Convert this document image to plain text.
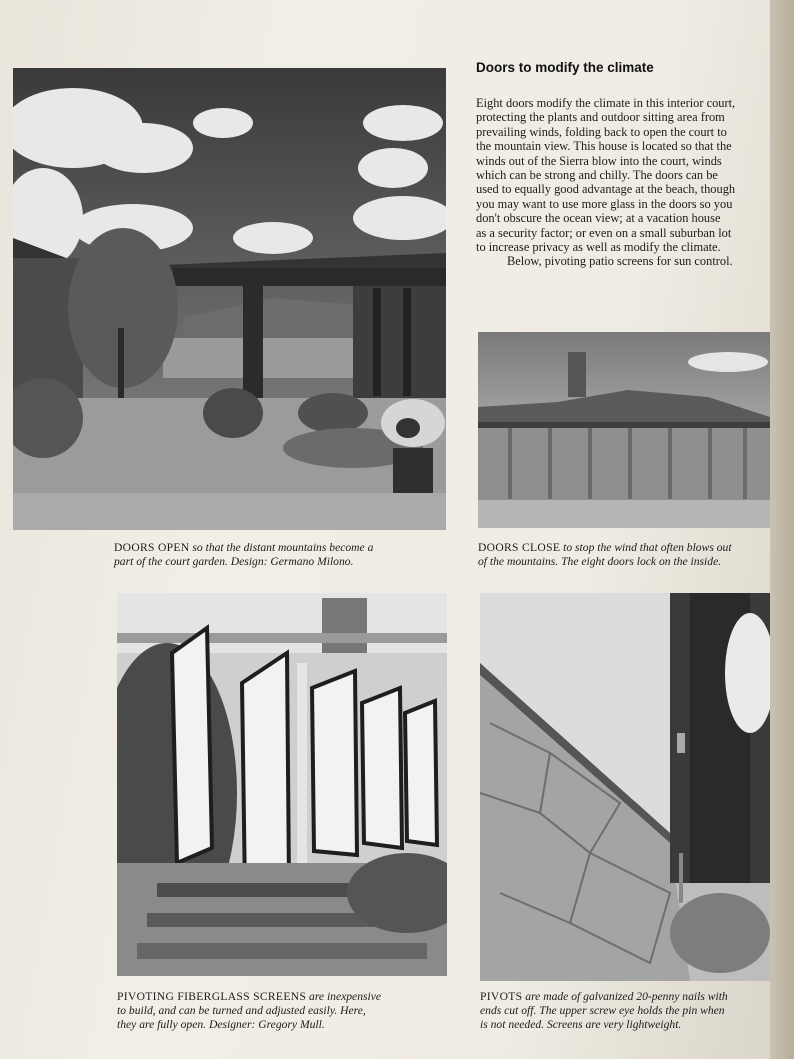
DOORS OPEN so that the distant mountains become a
part of the court garden. Design: Germano Milono.
Doors to modify the climate
Eight doors modify the climate in this interior court,
protecting the plants and outdoor sitting area from
prevailing winds, folding back to open the court to
the mountain view. This house is located so that the
winds out of the Sierra blow into the court, winds
which can be strong and chilly. The doors can be
used to equally good advantage at the beach, though
you may want to use more glass in the doors so you
don't obscure the ocean view; at a vacation house
as a security factor; or even on a small suburban lot
to increase privacy as well as modify the climate.
Below, pivoting patio screens for sun control.
DOORS CLOSE to stop the wind that often blows out
of the mountains. The eight doors lock on the inside.
PIVOTING FIBERGLASS SCREENS are inexpensive
to build, and can be turned and adjusted easily. Here,
they are fully open. Designer: Gregory Mull.
PIVOTS are made of galvanized 20-penny nails with
ends cut off. The upper screw eye holds the pin when
is not needed. Screens are very lightweight.
